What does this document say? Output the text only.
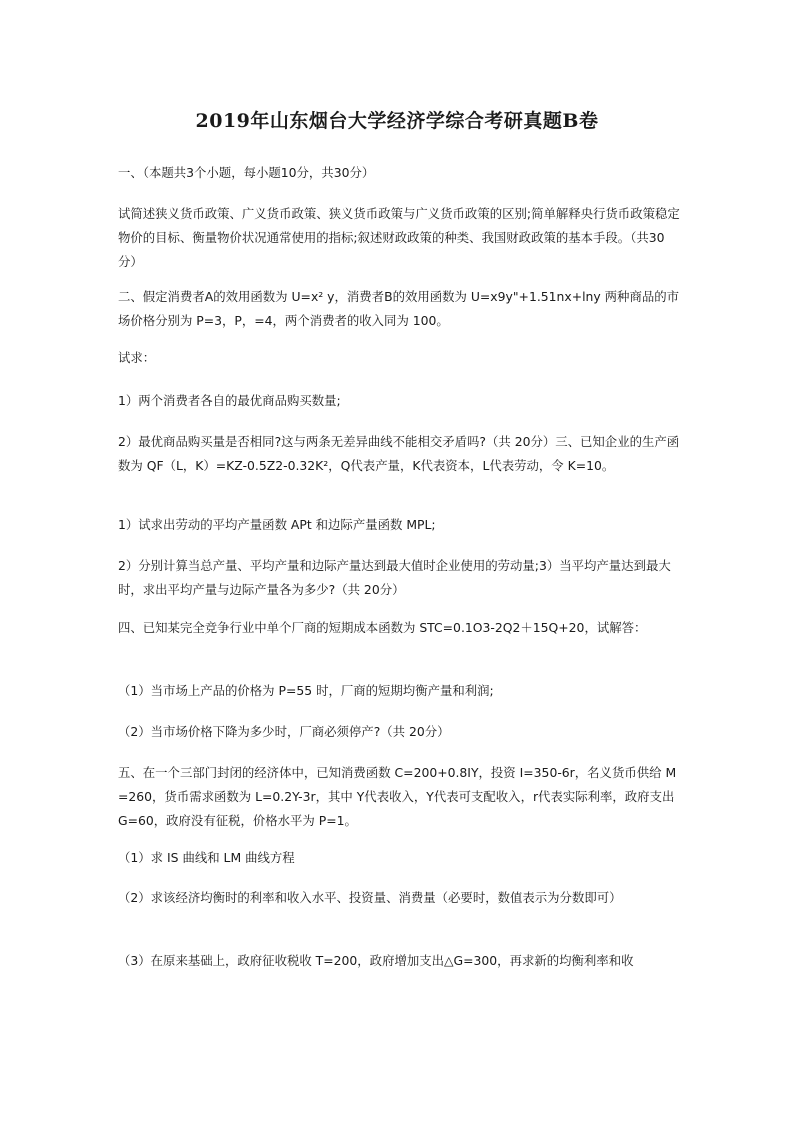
2019年山东烟台大学经济学综合考研真题B卷

一、（本题共3个小题，每小题10分，共30分）

试简述狭义货币政策、广义货币政策、狭义货币政策与广义货币政策的区别;简单解释央行货币政策稳定物价的目标、衡量物价状况通常使用的指标;叙述财政政策的种类、我国财政政策的基本手段。（共30分）

二、假定消费者A的效用函数为 U=x² y，消费者B的效用函数为 U=x9y"+1.51nx+lny 两种商品的市场价格分别为 P=3，P，=4，两个消费者的收入同为 100。

试求：

1）两个消费者各自的最优商品购买数量;

2）最优商品购买量是否相同?这与两条无差异曲线不能相交矛盾吗?（共 20分）三、已知企业的生产函数为 QF（L，K）=KZ-0.5Z2-0.32K²，Q代表产量，K代表资本，L代表劳动，令 K=10。

1）试求出劳动的平均产量函数 APt 和边际产量函数 MPL;

2）分别计算当总产量、平均产量和边际产量达到最大值时企业使用的劳动量;3）当平均产量达到最大时，求出平均产量与边际产量各为多少?（共 20分）

四、已知某完全竞争行业中单个厂商的短期成本函数为 STC=0.1O3-2Q2＋15Q+20，试解答：

（1）当市场上产品的价格为 P=55 时，厂商的短期均衡产量和利润;

（2）当市场价格下降为多少时，厂商必须停产?（共 20分）

五、在一个三部门封闭的经济体中，已知消费函数 C=200+0.8IY，投资 I=350-6r，名义货币供给 M=260，货币需求函数为 L=0.2Y-3r，其中 Y代表收入，Y代表可支配收入，r代表实际利率，政府支出 G=60，政府没有征税，价格水平为 P=1。

（1）求 IS 曲线和 LM 曲线方程

（2）求该经济均衡时的利率和收入水平、投资量、消费量（必要时，数值表示为分数即可）

（3）在原来基础上，政府征收税收 T=200，政府增加支出△G=300，再求新的均衡利率和收
